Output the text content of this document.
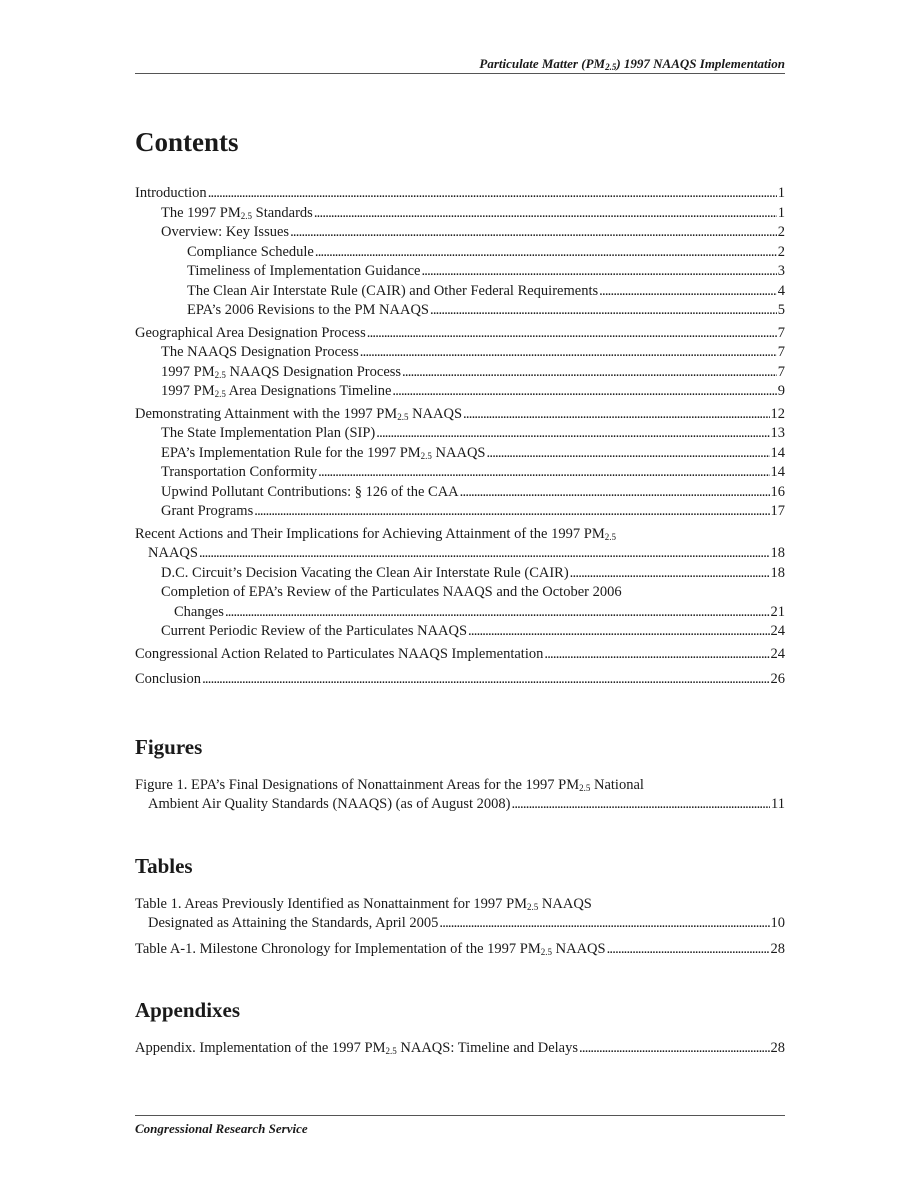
Particulate Matter $(PM_{2.5})$ 1997 NAAQS Implementation
Contents
Introduction . . .	1
The 1997 $PM_{2.5}$ Standards . . .	1
Overview: Key Issues . . .	2
Compliance Schedule . . .	2
Timeliness of Implementation Guidance . . .	3
The Clean Air Interstate Rule (CAIR) and Other Federal Requirements . . .	4
EPA’s 2006 Revisions to the PM NAAQS . . .	5
Geographical Area Designation Process . . .	7
The NAAQS Designation Process . . .	7
1997 $PM_{2.5}$ NAAQS Designation Process . . .	7
1997 $PM_{2.5}$ Area Designations Timeline . . .	9
Demonstrating Attainment with the 1997 $PM_{2.5}$ NAAQS . . .	12
The State Implementation Plan (SIP) . . .	13
EPA’s Implementation Rule for the 1997 $PM_{2.5}$ NAAQS . . .	14
Transportation Conformity . . .	14
Upwind Pollutant Contributions: § 126 of the CAA . . .	16
Grant Programs . . .	17
Recent Actions and Their Implications for Achieving Attainment of the 1997 $PM_{2.5}$
NAAQS . . .	18
D.C. Circuit’s Decision Vacating the Clean Air Interstate Rule (CAIR) . . .	18
Completion of EPA’s Review of the Particulates NAAQS and the October 2006
Changes . . .	21
Current Periodic Review of the Particulates NAAQS . . .	24
Congressional Action Related to Particulates NAAQS Implementation . . .	24
Conclusion . . .	26
Figures
Figure 1. EPA’s Final Designations of Nonattainment Areas for the 1997 $PM_{2.5}$ National
Ambient Air Quality Standards (NAAQS) (as of August 2008) . . .	11
Tables
Table 1. Areas Previously Identified as Nonattainment for 1997 $PM_{2.5}$ NAAQS
Designated as Attaining the Standards, April 2005 . . .	10
Table A-1. Milestone Chronology for Implementation of the 1997 $PM_{2.5}$ NAAQS . . .	28
Appendixes
Appendix. Implementation of the 1997 $PM_{2.5}$ NAAQS: Timeline and Delays . . .	28
Congressional Research Service
